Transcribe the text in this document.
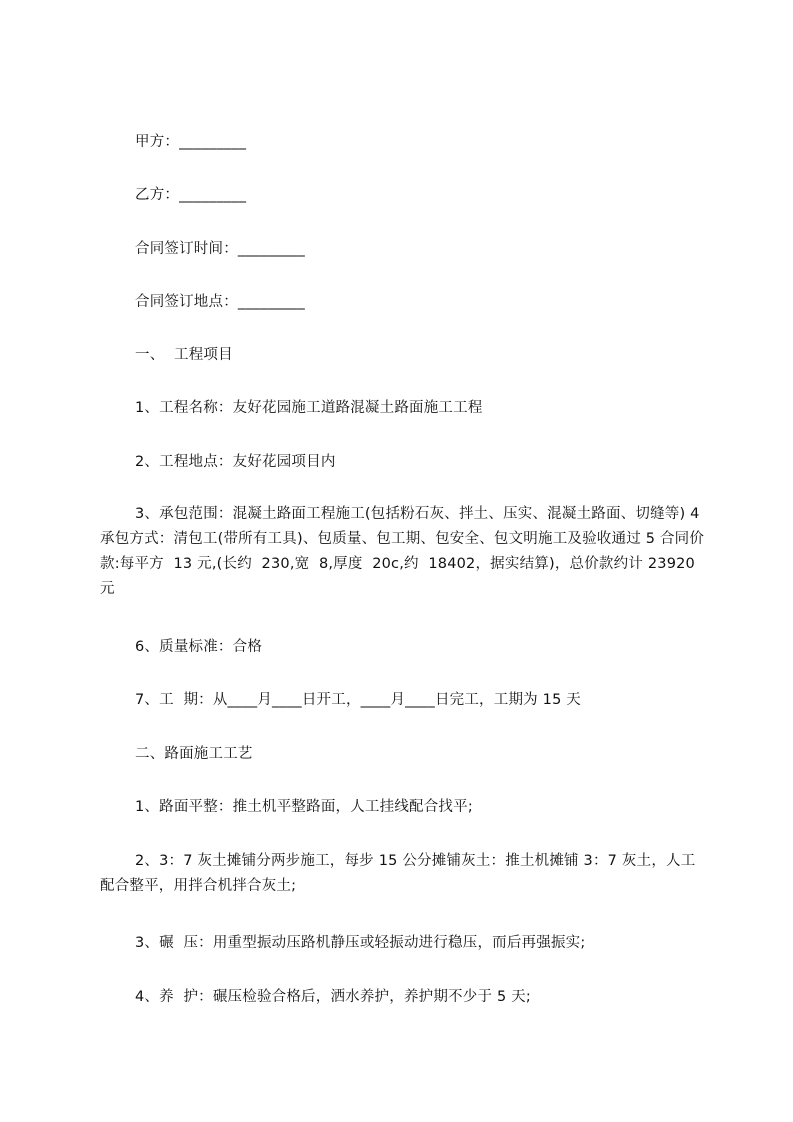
甲方：_________
乙方：_________
合同签订时间：_________
合同签订地点：_________
一、  工程项目
1、工程名称：友好花园施工道路混凝土路面施工工程
2、工程地点：友好花园项目内
3、承包范围：混凝土路面工程施工(包括粉石灰、拌土、压实、混凝土路面、切缝等) 4 承包方式：清包工(带所有工具)、包质量、包工期、包安全、包文明施工及验收通过 5 合同价款:每平方  13 元,(长约  230,宽  8,厚度  20c,约  18402，据实结算)，总价款约计 23920 元
6、质量标准：合格
7、工  期：从____月____日开工，____月____日完工，工期为 15 天
二、路面施工工艺
1、路面平整：推土机平整路面，人工挂线配合找平;
2、3：7 灰土摊铺分两步施工，每步 15 公分摊铺灰土：推土机摊铺 3：7 灰土，人工配合整平，用拌合机拌合灰土;
3、碾  压：用重型振动压路机静压或轻振动进行稳压，而后再强振实;
4、养  护：碾压检验合格后，洒水养护，养护期不少于 5 天;
